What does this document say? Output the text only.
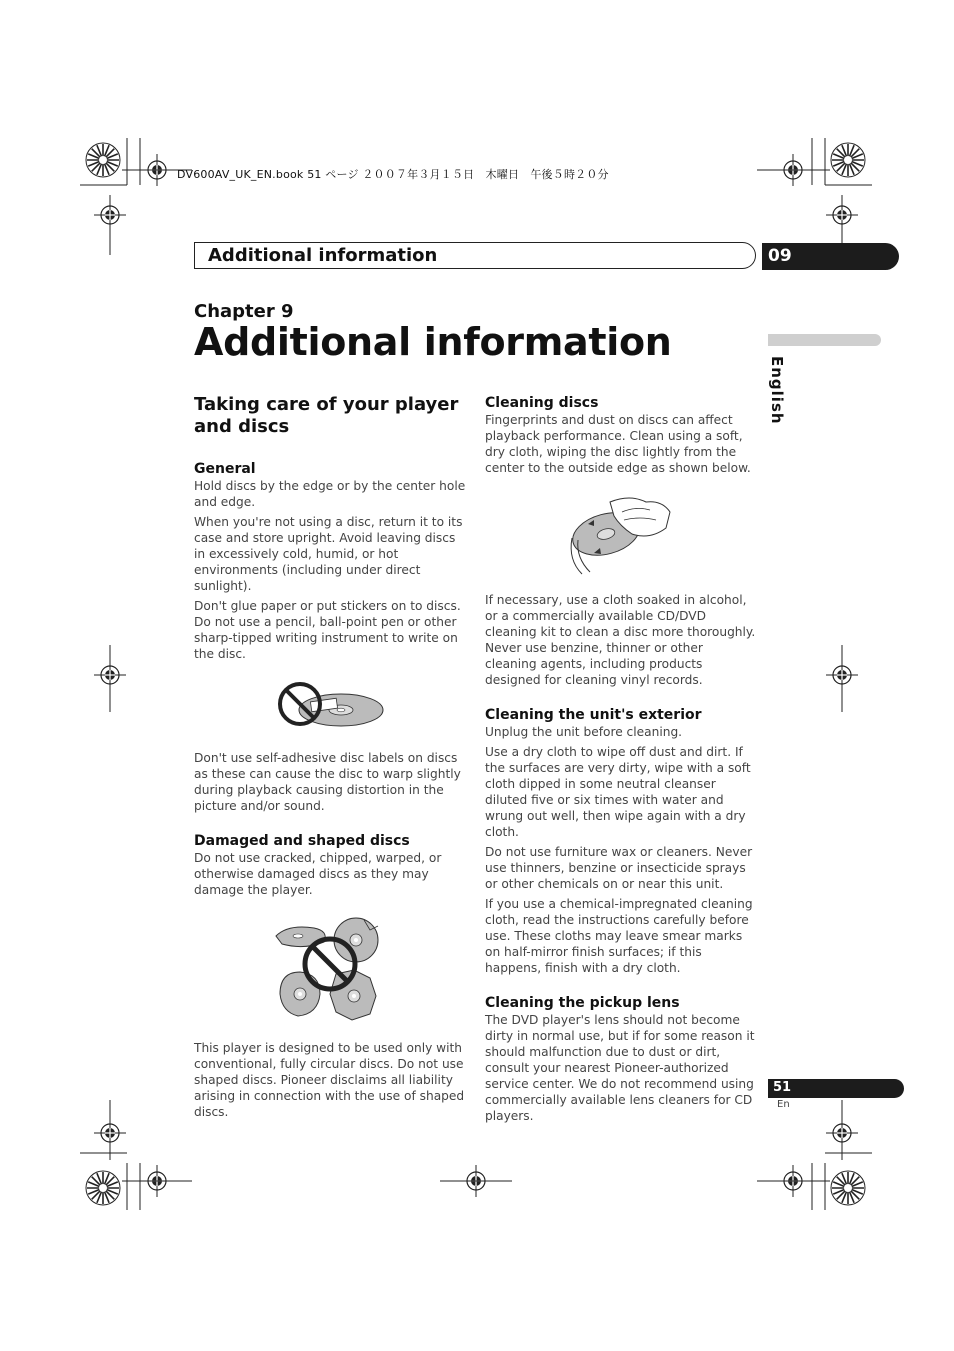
DV600AV_UK_EN.book 51 ページ ２００７年３月１５日　木曜日　午後５時２０分
Additional information	09
Chapter 9
Additional information
English
Taking care of your player and discs
General

Hold discs by the edge or by the center hole and edge.

When you're not using a disc, return it to its case and store upright. Avoid leaving discs in excessively cold, humid, or hot environments (including under direct sunlight).

Don't glue paper or put stickers on to discs. Do not use a pencil, ball-point pen or other sharp-tipped writing instrument to write on the disc.

Don't use self-adhesive disc labels on discs as these can cause the disc to warp slightly during playback causing distortion in the picture and/or sound.

Damaged and shaped discs

Do not use cracked, chipped, warped, or otherwise damaged discs as they may damage the player.

This player is designed to be used only with conventional, fully circular discs. Do not use shaped discs. Pioneer disclaims all liability arising in connection with the use of shaped discs.

Cleaning discs

Fingerprints and dust on discs can affect playback performance. Clean using a soft, dry cloth, wiping the disc lightly from the center to the outside edge as shown below.

If necessary, use a cloth soaked in alcohol, or a commercially available CD/DVD cleaning kit to clean a disc more thoroughly. Never use benzine, thinner or other cleaning agents, including products designed for cleaning vinyl records.

Cleaning the unit's exterior

Unplug the unit before cleaning.

Use a dry cloth to wipe off dust and dirt. If the surfaces are very dirty, wipe with a soft cloth dipped in some neutral cleanser diluted five or six times with water and wrung out well, then wipe again with a dry cloth.

Do not use furniture wax or cleaners. Never use thinners, benzine or insecticide sprays or other chemicals on or near this unit.

If you use a chemical-impregnated cleaning cloth, read the instructions carefully before use. These cloths may leave smear marks on half-mirror finish surfaces; if this happens, finish with a dry cloth.

Cleaning the pickup lens

The DVD player's lens should not become dirty in normal use, but if for some reason it should malfunction due to dust or dirt, consult your nearest Pioneer-authorized service center. We do not recommend using commercially available lens cleaners for CD players.

51
En
